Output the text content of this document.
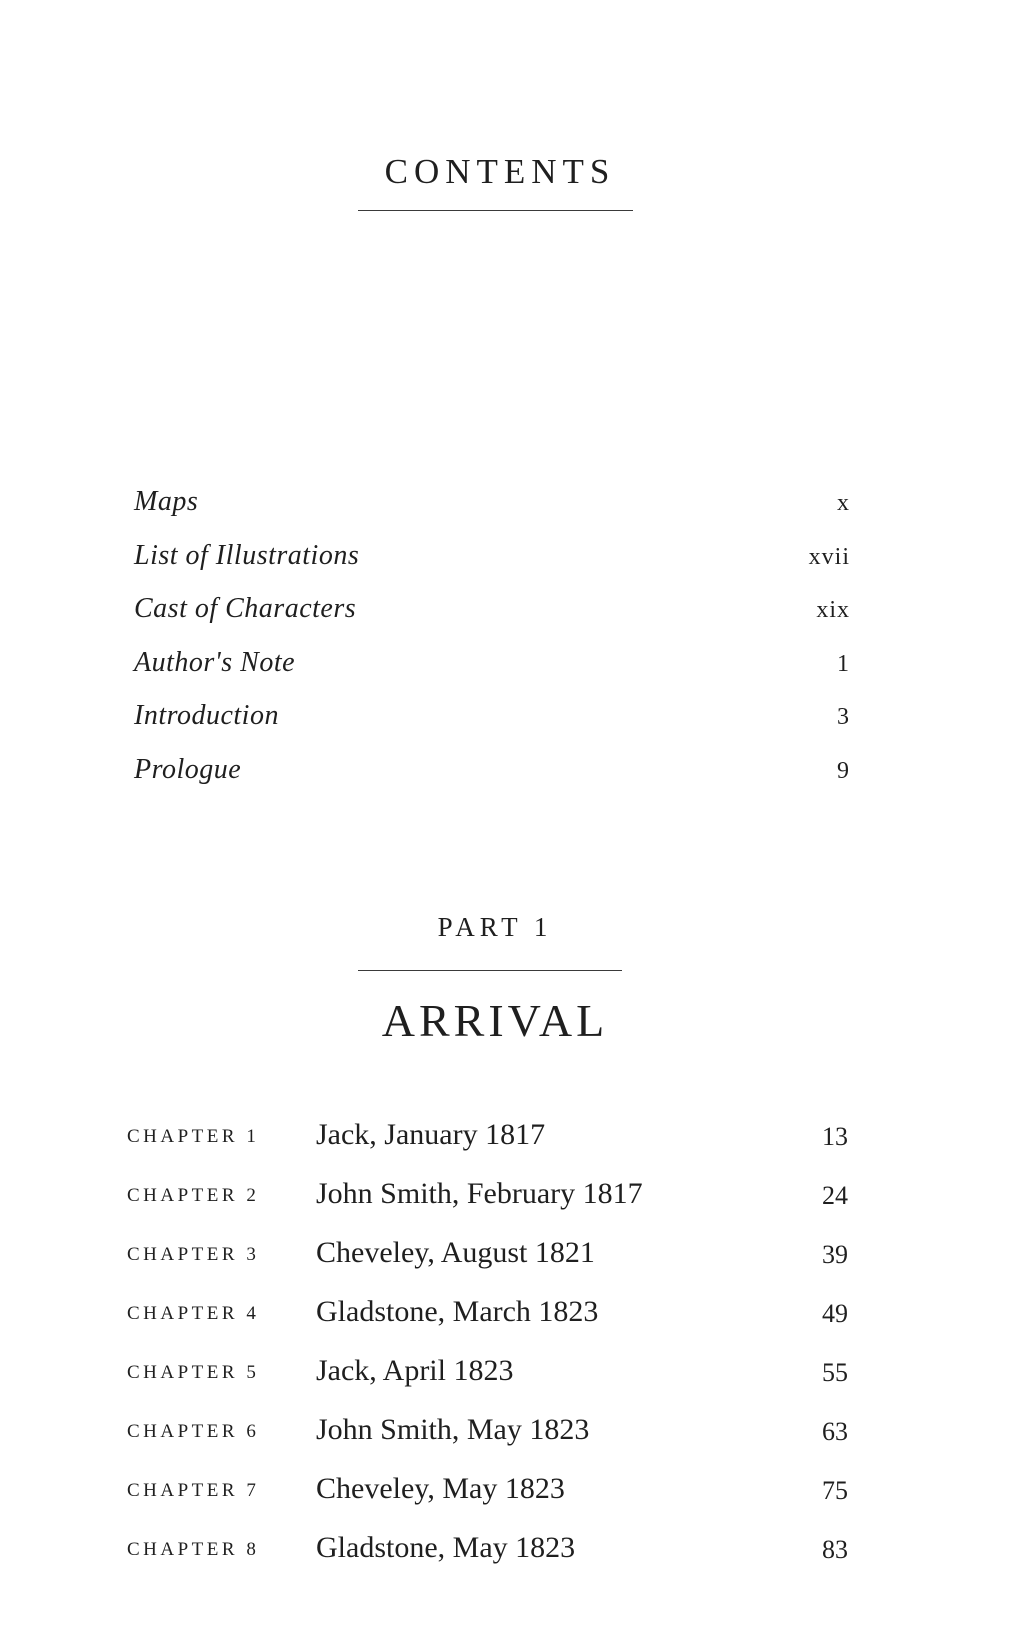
CONTENTS
Maps	x
List of Illustrations	xvii
Cast of Characters	xix
Author's Note	1
Introduction	3
Prologue	9
PART 1
ARRIVAL
CHAPTER 1 Jack, January 1817	13
CHAPTER 2 John Smith, February 1817	24
CHAPTER 3 Cheveley, August 1821	39
CHAPTER 4 Gladstone, March 1823	49
CHAPTER 5 Jack, April 1823	55
CHAPTER 6 John Smith, May 1823	63
CHAPTER 7 Cheveley, May 1823	75
CHAPTER 8 Gladstone, May 1823	83
